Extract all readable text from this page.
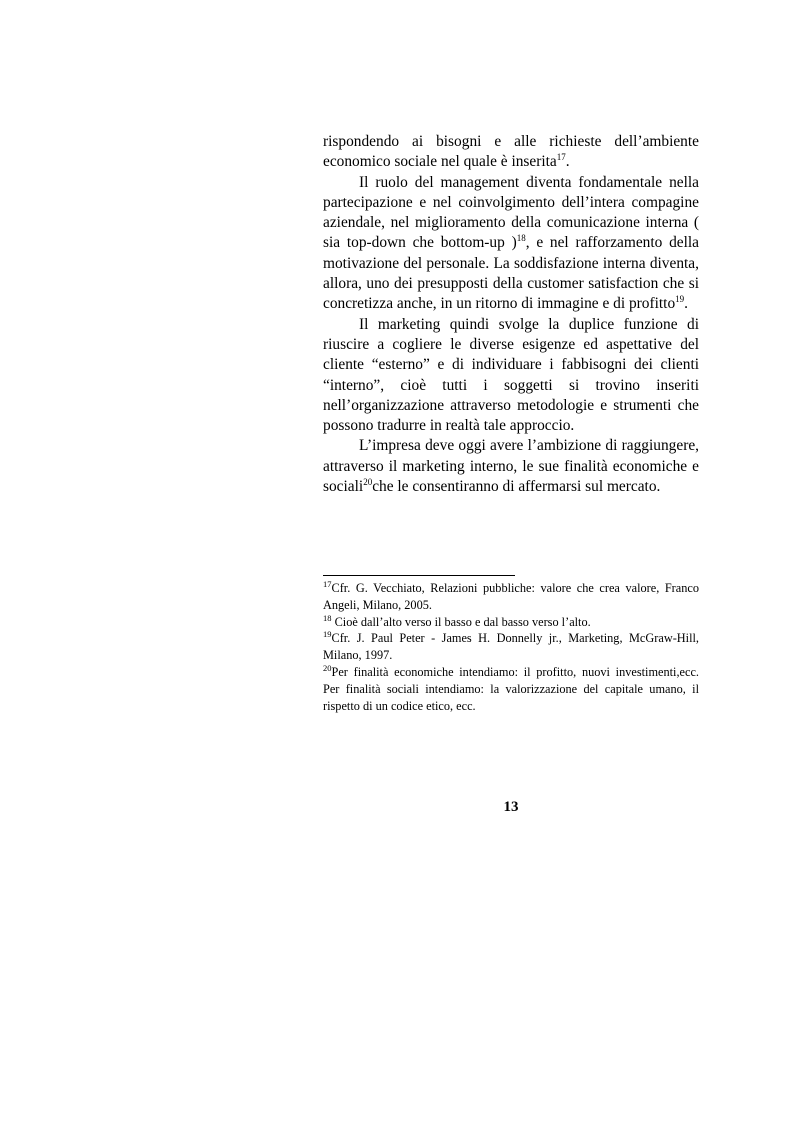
rispondendo ai bisogni e alle richieste dell’ambiente economico sociale nel quale è inserita$^{17}$.

Il ruolo del management diventa fondamentale nella partecipazione e nel coinvolgimento dell’intera compagine aziendale, nel miglioramento della comunicazione interna ( sia top-down che bottom-up )$^{18}$, e nel rafforzamento della motivazione del personale. La soddisfazione interna diventa, allora, uno dei presupposti della customer satisfaction che si concretizza anche, in un ritorno di immagine e di profitto$^{19}$.

Il marketing quindi svolge la duplice funzione di riuscire a cogliere le diverse esigenze ed aspettative del cliente “esterno” e di individuare i fabbisogni dei clienti “interno”, cioè tutti i soggetti si trovino inseriti nell’organizzazione attraverso metodologie e strumenti che possono tradurre in realtà tale approccio.

L’impresa deve oggi avere l’ambizione di raggiungere, attraverso il marketing interno, le sue finalità economiche e sociali$^{20}$che le consentiranno di affermarsi sul mercato.

$^{17}$Cfr. G. Vecchiato, Relazioni pubbliche: valore che crea valore, Franco Angeli, Milano, 2005.

$^{18}$ Cioè dall’alto verso il basso e dal basso verso l’alto.

$^{19}$Cfr. J. Paul Peter - James H. Donnelly jr., Marketing, McGraw-Hill, Milano, 1997.

$^{20}$Per finalità economiche intendiamo: il profitto, nuovi investimenti,ecc. Per finalità sociali intendiamo: la valorizzazione del capitale umano, il rispetto di un codice etico, ecc.

13
